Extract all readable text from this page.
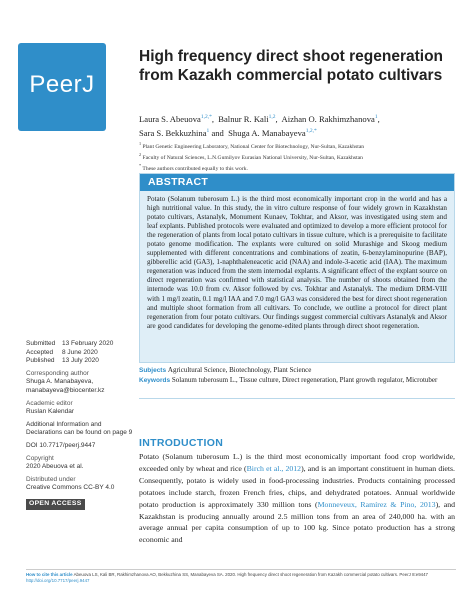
PeerJ
High frequency direct shoot regeneration from Kazakh commercial potato cultivars
Laura S. Abeuova$^{1,2,*}$,  Balnur R. Kali$^{1,2}$,  Aizhan O. Rakhimzhanova$^1$,
Sara S. Bekkuzhina$^1$ and  Shuga A. Manabayeva$^{1,2,*}$
$^1$ Plant Genetic Engineering Laboratory, National Center for Biotechnology, Nur-Sultan, Kazakhstan
$^2$ Faculty of Natural Sciences, L.N.Gumilyov Eurasian National University, Nur-Sultan, Kazakhstan
* These authors contributed equally to this work.
ABSTRACT

Potato (Solanum tuberosum L.) is the third most economically important crop in the world and has a high nutritional value. In this study, the in vitro culture response of four widely grown in Kazakhstan potato cultivars, Astanalyk, Monument Kunaev, Tokhtar, and Aksor, was investigated using stem and leaf explants. Published protocols were evaluated and optimized to develop a more efficient protocol for the regeneration of plants from local potato cultivars in tissue culture, which is a prerequisite to facilitate potato genome modification. The explants were cultured on solid Murashige and Skoog medium supplemented with different concentrations and combinations of zeatin, 6-benzylaminopurine (BAP), gibberellic acid (GA3), 1-naphthaleneacetic acid (NAA) and indole-3-acetic acid (IAA). The maximum regeneration was induced from the stem internodal explants. A significant effect of the explant source on direct regeneration was confirmed with statistical analysis. The number of shoots obtained from the internode was 10.0 from cv. Aksor followed by cvs. Tokhtar and Astanalyk. The medium DRM-VIII with 1 mg/l zeatin, 0.1 mg/l IAA and 7.0 mg/l GA3 was considered the best for direct shoot regeneration and multiple shoot formation from all cultivars. To conclude, we outline a protocol for direct plant regeneration from four potato cultivars. Our findings suggest commercial cultivars Astanalyk and Aksor are good candidates for developing the genome-edited plants through direct shoot regeneration.

Subjects Agricultural Science, Biotechnology, Plant Science
Keywords Solanum tuberosum L., Tissue culture, Direct regeneration, Plant growth regulator, Microtuber
Submitted	13 February 2020
Accepted	8 June 2020
Published	13 July 2020
Corresponding author
Shuga A. Manabayeva,
manabayeva@biocenter.kz
Academic editor
Ruslan Kalendar
Additional Information and Declarations can be found on page 9
DOI 10.7717/peerj.9447
Copyright
2020 Abeuova et al.
Distributed under
Creative Commons CC-BY 4.0
OPEN ACCESS
INTRODUCTION

Potato (Solanum tuberosum L.) is the third most economically important food crop worldwide, exceeded only by wheat and rice (Birch et al., 2012), and is an important constituent in human diets. Consequently, potato is widely used in food-processing industries. Products containing processed potatoes include starch, frozen French fries, chips, and dehydrated potatoes. Annual worldwide potato production is approximately 330 million tons (Monneveux, Ramírez & Pino, 2013), and Kazakhstan is producing annually around 2.5 million tons from an area of 240,000 ha. with an average annual per capita consumption of up to 100 kg. Since potato production has a strong economic and

How to cite this article Abeuova LS, Kali BR, Rakhimzhanova AO, Bekkuzhina SS, Manabayeva SA. 2020. High frequency direct shoot regeneration from Kazakh commercial potato cultivars. PeerJ 8:e9447 http://doi.org/10.7717/peerj.9447
